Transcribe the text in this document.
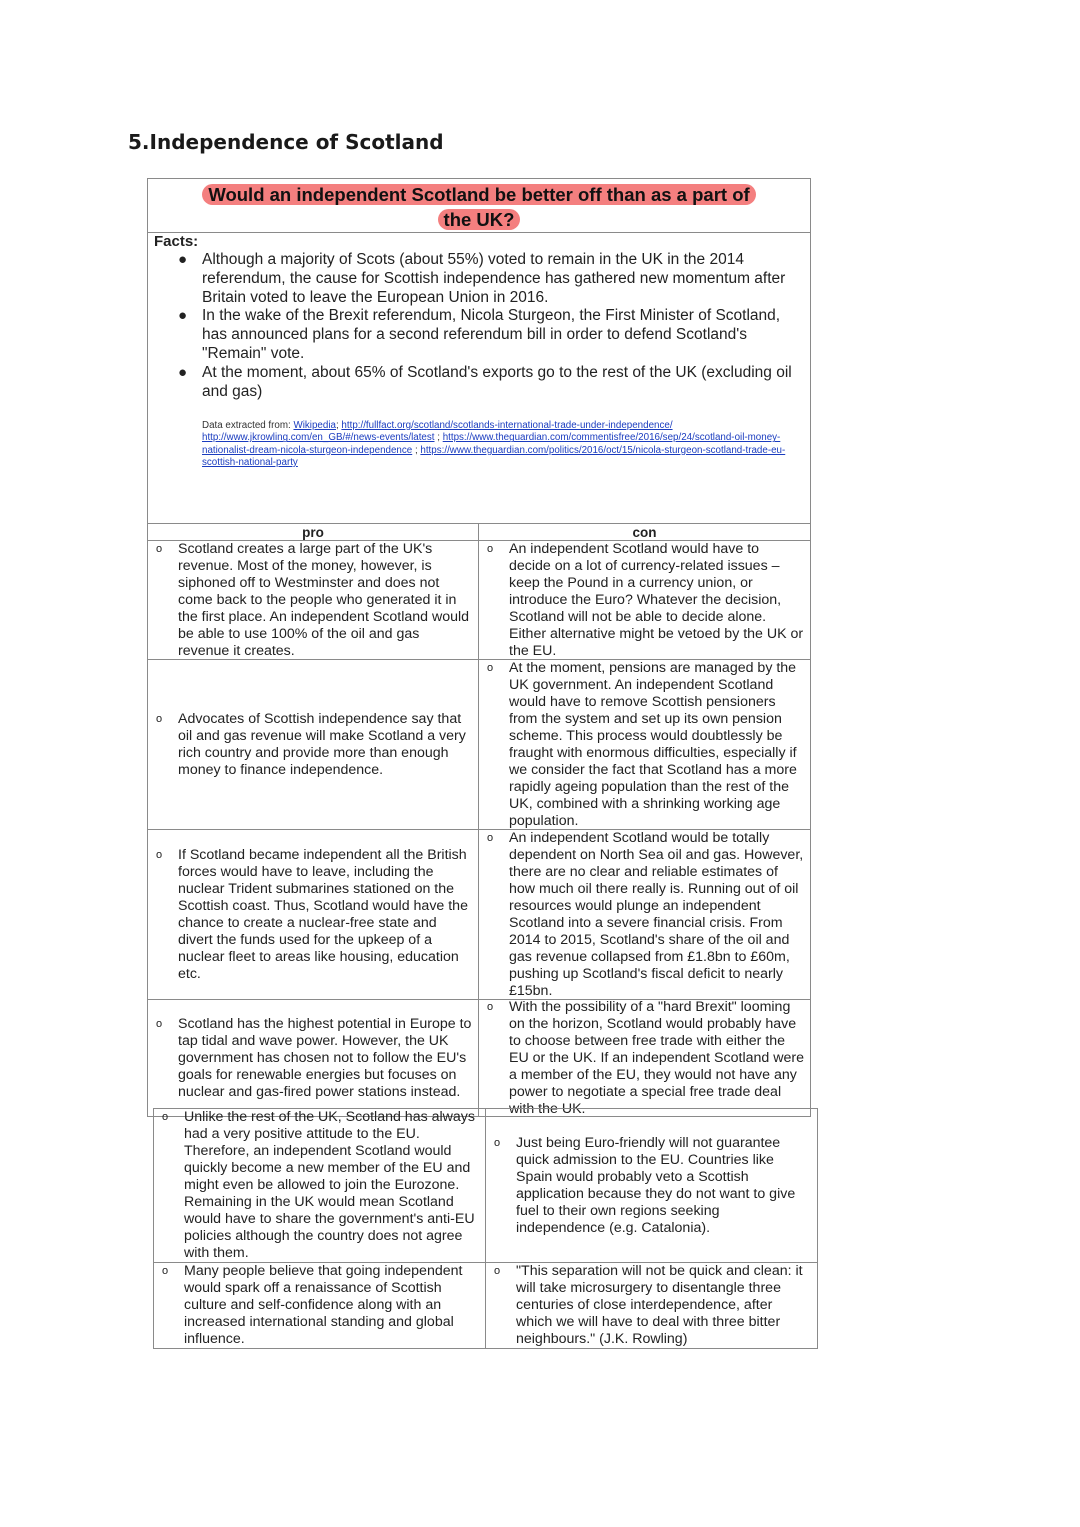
5.Independence of Scotland
Would an independent Scotland be better off than as a part of
the UK?
Facts:
● Although a majority of Scots (about 55%) voted to remain in the UK in the 2014 referendum, the cause for Scottish independence has gathered new momentum after Britain voted to leave the European Union in 2016.
● In the wake of the Brexit referendum, Nicola Sturgeon, the First Minister of Scotland, has announced plans for a second referendum bill in order to defend Scotland's "Remain" vote.
● At the moment, about 65% of Scotland's exports go to the rest of the UK (excluding oil and gas)
Data extracted from: Wikipedia; http://fullfact.org/scotland/scotlands-international-trade-under-independence/
http://www.jkrowling.com/en_GB/#/news-events/latest ; https://www.theguardian.com/commentisfree/2016/sep/24/scotland-oil-money-nationalist-dream-nicola-sturgeon-independence ; https://www.theguardian.com/politics/2016/oct/15/nicola-sturgeon-scotland-trade-eu-scottish-national-party
pro	con
o Scotland creates a large part of the UK's revenue. Most of the money, however, is siphoned off to Westminster and does not come back to the people who generated it in the first place. An independent Scotland would be able to use 100% of the oil and gas revenue it creates.
o An independent Scotland would have to decide on a lot of currency-related issues – keep the Pound in a currency union, or introduce the Euro? Whatever the decision, Scotland will not be able to decide alone. Either alternative might be vetoed by the UK or the EU.
o Advocates of Scottish independence say that oil and gas revenue will make Scotland a very rich country and provide more than enough money to finance independence.
o At the moment, pensions are managed by the UK government. An independent Scotland would have to remove Scottish pensioners from the system and set up its own pension scheme. This process would doubtlessly be fraught with enormous difficulties, especially if we consider the fact that Scotland has a more rapidly ageing population than the rest of the UK, combined with a shrinking working age population.
o If Scotland became independent all the British forces would have to leave, including the nuclear Trident submarines stationed on the Scottish coast. Thus, Scotland would have the chance to create a nuclear-free state and divert the funds used for the upkeep of a nuclear fleet to areas like housing, education etc.
o An independent Scotland would be totally dependent on North Sea oil and gas. However, there are no clear and reliable estimates of how much oil there really is. Running out of oil resources would plunge an independent Scotland into a severe financial crisis. From 2014 to 2015, Scotland's share of the oil and gas revenue collapsed from £1.8bn to £60m, pushing up Scotland's fiscal deficit to nearly £15bn.
o Scotland has the highest potential in Europe to tap tidal and wave power. However, the UK government has chosen not to follow the EU's goals for renewable energies but focuses on nuclear and gas-fired power stations instead.
o With the possibility of a "hard Brexit" looming on the horizon, Scotland would probably have to choose between free trade with either the EU or the UK. If an independent Scotland were a member of the EU, they would not have any power to negotiate a special free trade deal with the UK.
o Unlike the rest of the UK, Scotland has always had a very positive attitude to the EU. Therefore, an independent Scotland would quickly become a new member of the EU and might even be allowed to join the Eurozone. Remaining in the UK would mean Scotland would have to share the government's anti-EU policies although the country does not agree with them.
o Just being Euro-friendly will not guarantee quick admission to the EU. Countries like Spain would probably veto a Scottish application because they do not want to give fuel to their own regions seeking independence (e.g. Catalonia).
o Many people believe that going independent would spark off a renaissance of Scottish culture and self-confidence along with an increased international standing and global influence.
o "This separation will not be quick and clean: it will take microsurgery to disentangle three centuries of close interdependence, after which we will have to deal with three bitter neighbours." (J.K. Rowling)
